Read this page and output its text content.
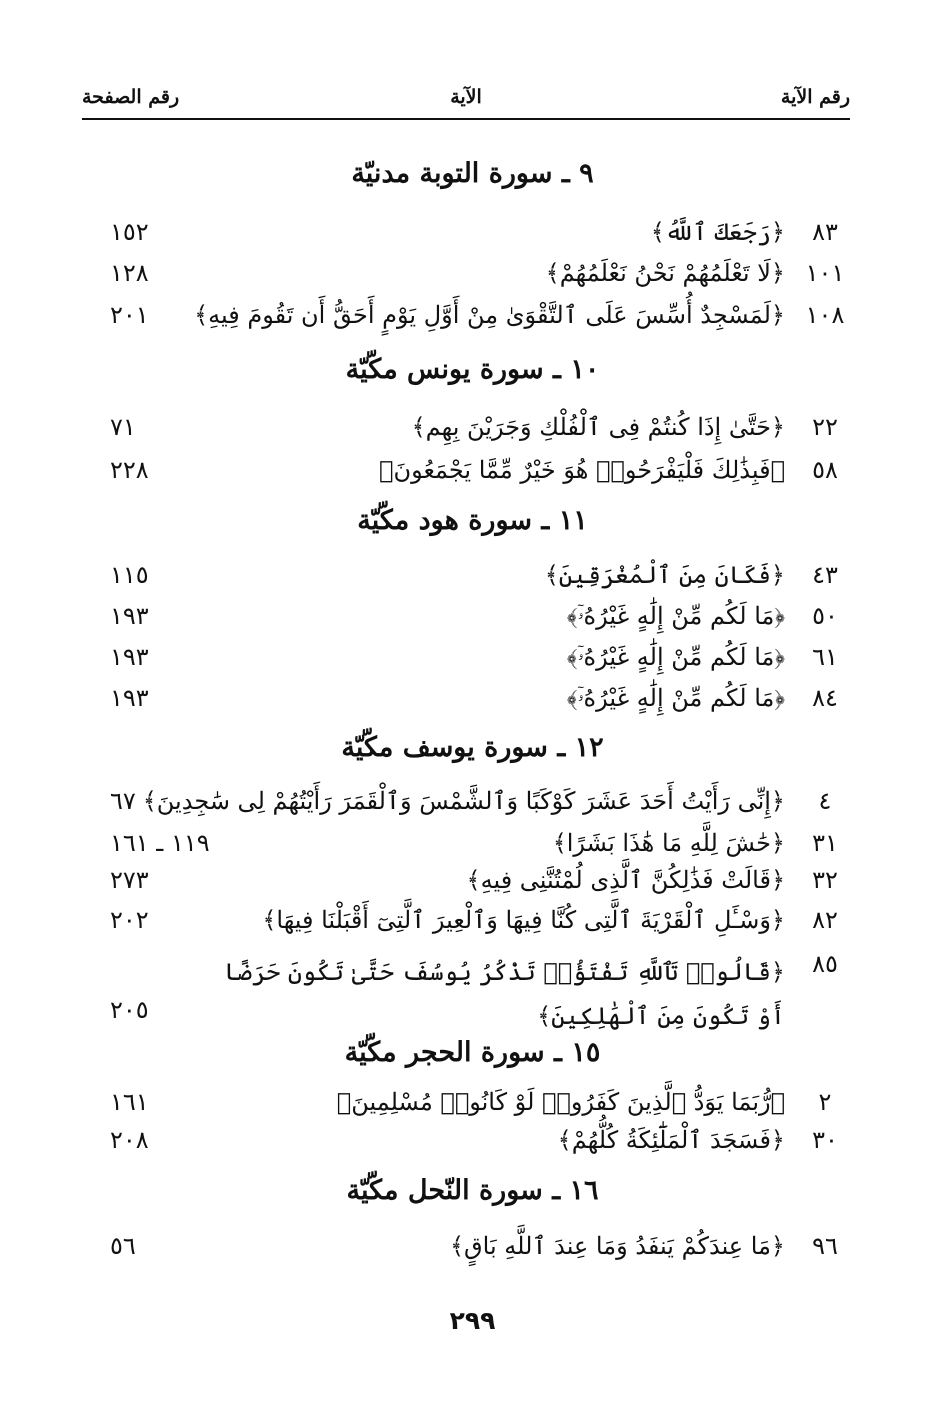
رقم الآية
الآية
رقم الصفحة
٩ ـ سورة التوبة مدنيّة
٨٣
﴿رَجَعَكَ ٱللَّهُ﴾
١٥٢
١٠١
﴿لَا تَعْلَمُهُمْ نَحْنُ نَعْلَمُهُمْ﴾
١٢٨
١٠٨
﴿لَمَسْجِدٌ أُسِّسَ عَلَى ٱلتَّقْوَىٰ مِنْ أَوَّلِ يَوْمٍ أَحَقُّ أَن تَقُومَ فِيهِ﴾
٢٠١
١٠ ـ سورة يونس مكّيّة
٢٢
﴿حَتَّىٰ إِذَا كُنتُمْ فِى ٱلْفُلْكِ وَجَرَيْنَ بِهِم﴾
٧١
٥٨
﴿فَبِذَٰلِكَ فَلْيَفْرَحُوا۟ هُوَ خَيْرٌ مِّمَّا يَجْمَعُونَ﴾
٢٢٨
١١ ـ سورة هود مكّيّة
٤٣
﴿فَكَانَ مِنَ ٱلْمُغْرَقِينَ﴾
١١٥
٥٠
﴿مَا لَكُم مِّنْ إِلَٰهٍ غَيْرُهُۥٓ﴾
١٩٣
٦١
﴿مَا لَكُم مِّنْ إِلَٰهٍ غَيْرُهُۥٓ﴾
١٩٣
٨٤
﴿مَا لَكُم مِّنْ إِلَٰهٍ غَيْرُهُۥٓ﴾
١٩٣
١٢ ـ سورة يوسف مكّيّة
٤
﴿إِنِّى رَأَيْتُ أَحَدَ عَشَرَ كَوْكَبًا وَٱلشَّمْسَ وَٱلْقَمَرَ رَأَيْتُهُمْ لِى سَٰجِدِينَ﴾
٦٧
٣١
﴿حَٰشَ لِلَّهِ مَا هَٰذَا بَشَرًا﴾
١١٩ ـ ١٦١
٣٢
﴿قَالَتْ فَذَٰلِكُنَّ ٱلَّذِى لُمْتُنَّنِى فِيهِ﴾
٢٧٣
٨٢
﴿وَسْـَٔلِ ٱلْقَرْيَةَ ٱلَّتِى كُنَّا فِيهَا وَٱلْعِيرَ ٱلَّتِىٓ أَقْبَلْنَا فِيهَا﴾
٢٠٢
٨٥
﴿قَالُوا۟ تَٱللَّهِ تَفْتَؤُا۟ تَذْكُرُ يُوسُفَ حَتَّىٰ تَكُونَ حَرَضًا أَوْ تَكُونَ مِنَ ٱلْهَٰلِكِينَ﴾
٢٠٥
١٥ ـ سورة الحجر مكّيّة
٢
﴿رُّبَمَا يَوَدُّ ٱلَّذِينَ كَفَرُوا۟ لَوْ كَانُوا۟ مُسْلِمِينَ﴾
١٦١
٣٠
﴿فَسَجَدَ ٱلْمَلَٰٓئِكَةُ كُلُّهُمْ﴾
٢٠٨
١٦ ـ سورة النّحل مكّيّة
٩٦
﴿مَا عِندَكُمْ يَنفَدُ وَمَا عِندَ ٱللَّهِ بَاقٍ﴾
٥٦
٢٩٩
